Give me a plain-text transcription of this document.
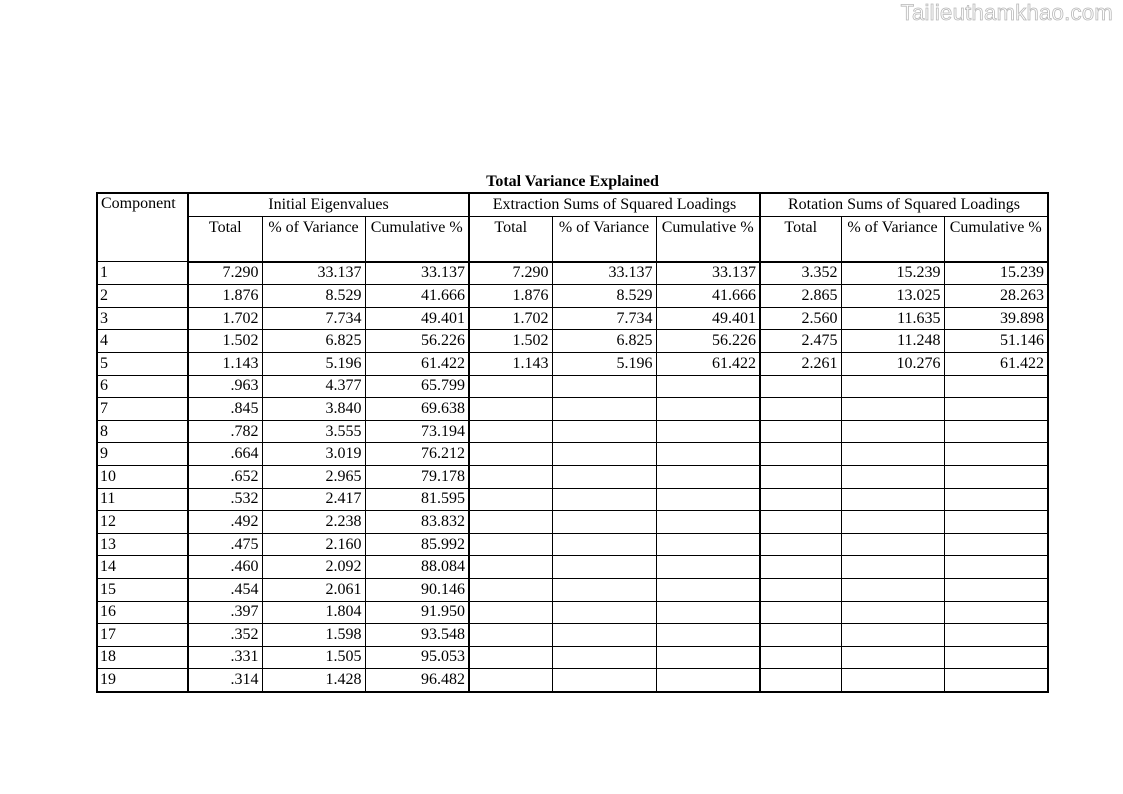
Tailieuthamkhao.com
Total Variance Explained
Component	Initial Eigenvalues			Extraction Sums of Squared Loadings			Rotation Sums of Squared Loadings		
	Total	% of Variance	Cumulative %	Total	% of Variance	Cumulative %	Total	% of Variance	Cumulative %
1	7.290	33.137	33.137	7.290	33.137	33.137	3.352	15.239	15.239
2	1.876	8.529	41.666	1.876	8.529	41.666	2.865	13.025	28.263
3	1.702	7.734	49.401	1.702	7.734	49.401	2.560	11.635	39.898
4	1.502	6.825	56.226	1.502	6.825	56.226	2.475	11.248	51.146
5	1.143	5.196	61.422	1.143	5.196	61.422	2.261	10.276	61.422
6	.963	4.377	65.799						
7	.845	3.840	69.638						
8	.782	3.555	73.194						
9	.664	3.019	76.212						
10	.652	2.965	79.178						
11	.532	2.417	81.595						
12	.492	2.238	83.832						
13	.475	2.160	85.992						
14	.460	2.092	88.084						
15	.454	2.061	90.146						
16	.397	1.804	91.950						
17	.352	1.598	93.548						
18	.331	1.505	95.053						
19	.314	1.428	96.482						
